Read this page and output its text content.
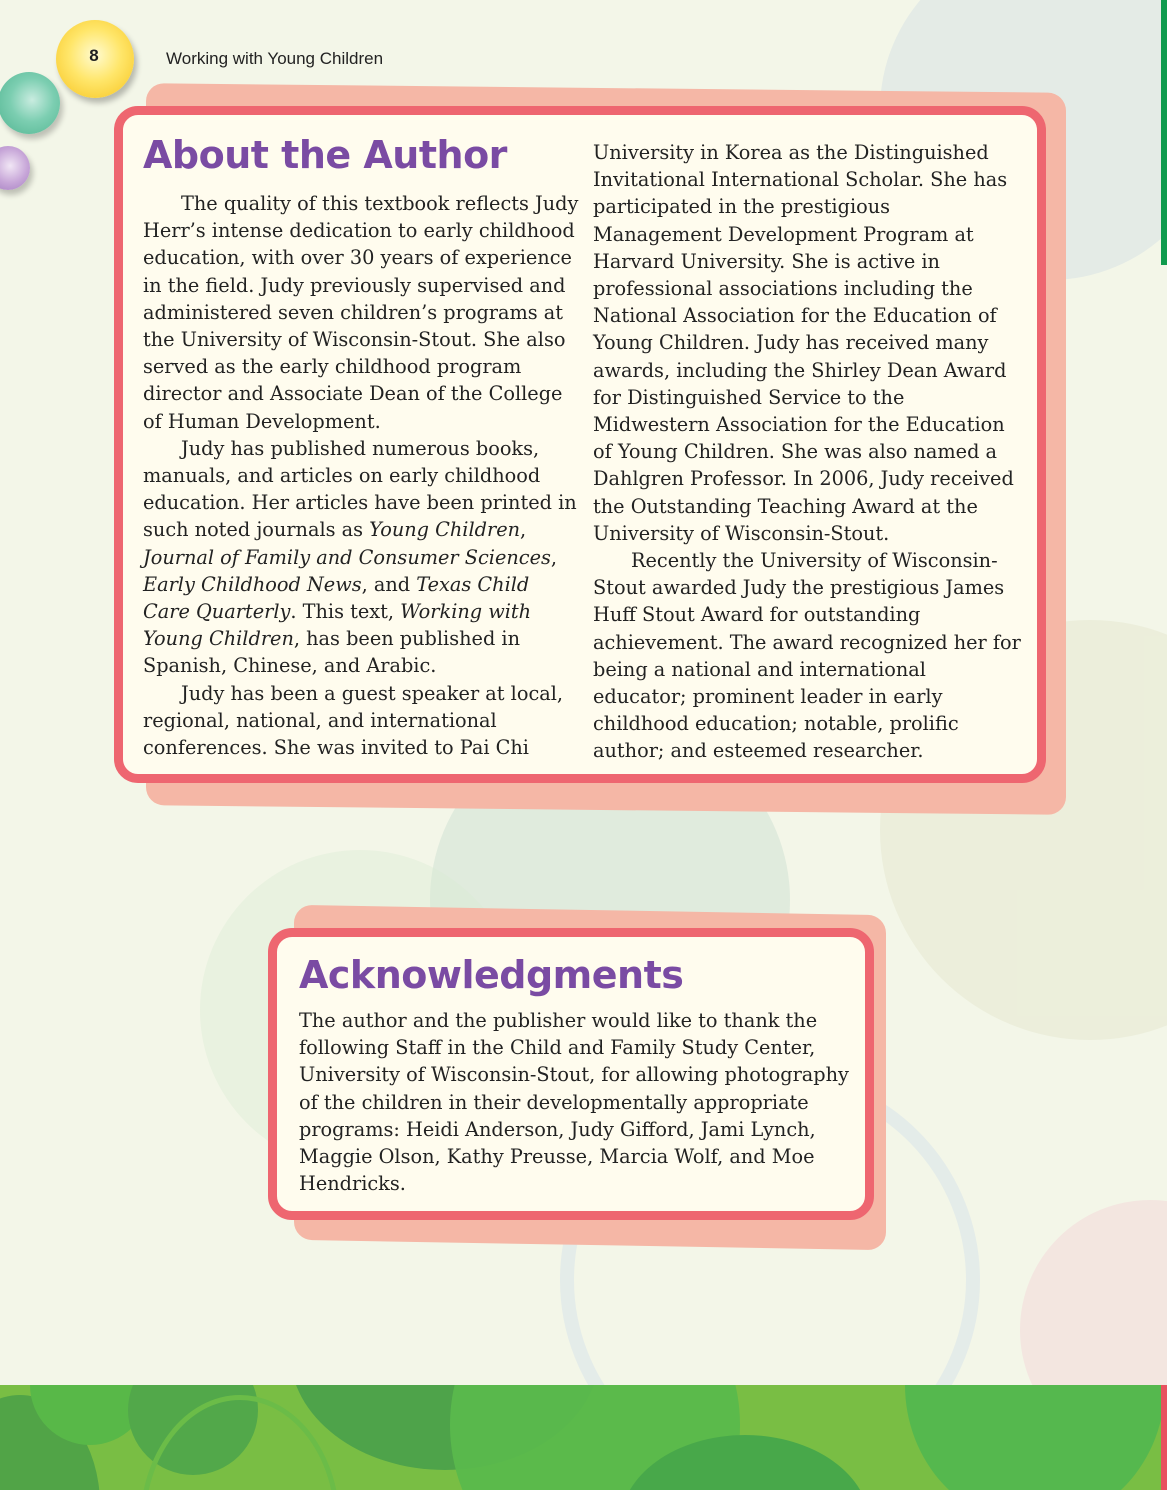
8	Working with Young Children
About the Author

The quality of this textbook reflects Judy Herr’s intense dedication to early childhood education, with over 30 years of experience in the field. Judy previously supervised and administered seven children’s programs at the University of Wisconsin-Stout. She also served as the early childhood program director and Associate Dean of the College of Human Development.

Judy has published numerous books, manuals, and articles on early childhood education. Her articles have been printed in such noted journals as Young Children, Journal of Family and Consumer Sciences, Early Childhood News, and Texas Child Care Quarterly. This text, Working with Young Children, has been published in Spanish, Chinese, and Arabic.

Judy has been a guest speaker at local, regional, national, and international conferences. She was invited to Pai Chi

University in Korea as the Distinguished Invitational International Scholar. She has participated in the prestigious Management Development Program at Harvard University. She is active in professional associations including the National Association for the Education of Young Children. Judy has received many awards, including the Shirley Dean Award for Distinguished Service to the Midwestern Association for the Education of Young Children. She was also named a Dahlgren Professor. In 2006, Judy received the Outstanding Teaching Award at the University of Wisconsin-Stout.

Recently the University of Wisconsin-Stout awarded Judy the prestigious James Huff Stout Award for outstanding achievement. The award recognized her for being a national and international educator; prominent leader in early childhood education; notable, prolific author; and esteemed researcher.

Acknowledgments

The author and the publisher would like to thank the following Staff in the Child and Family Study Center, University of Wisconsin-Stout, for allowing photography of the children in their developmentally appropriate programs: Heidi Anderson, Judy Gifford, Jami Lynch, Maggie Olson, Kathy Preusse, Marcia Wolf, and Moe Hendricks.
